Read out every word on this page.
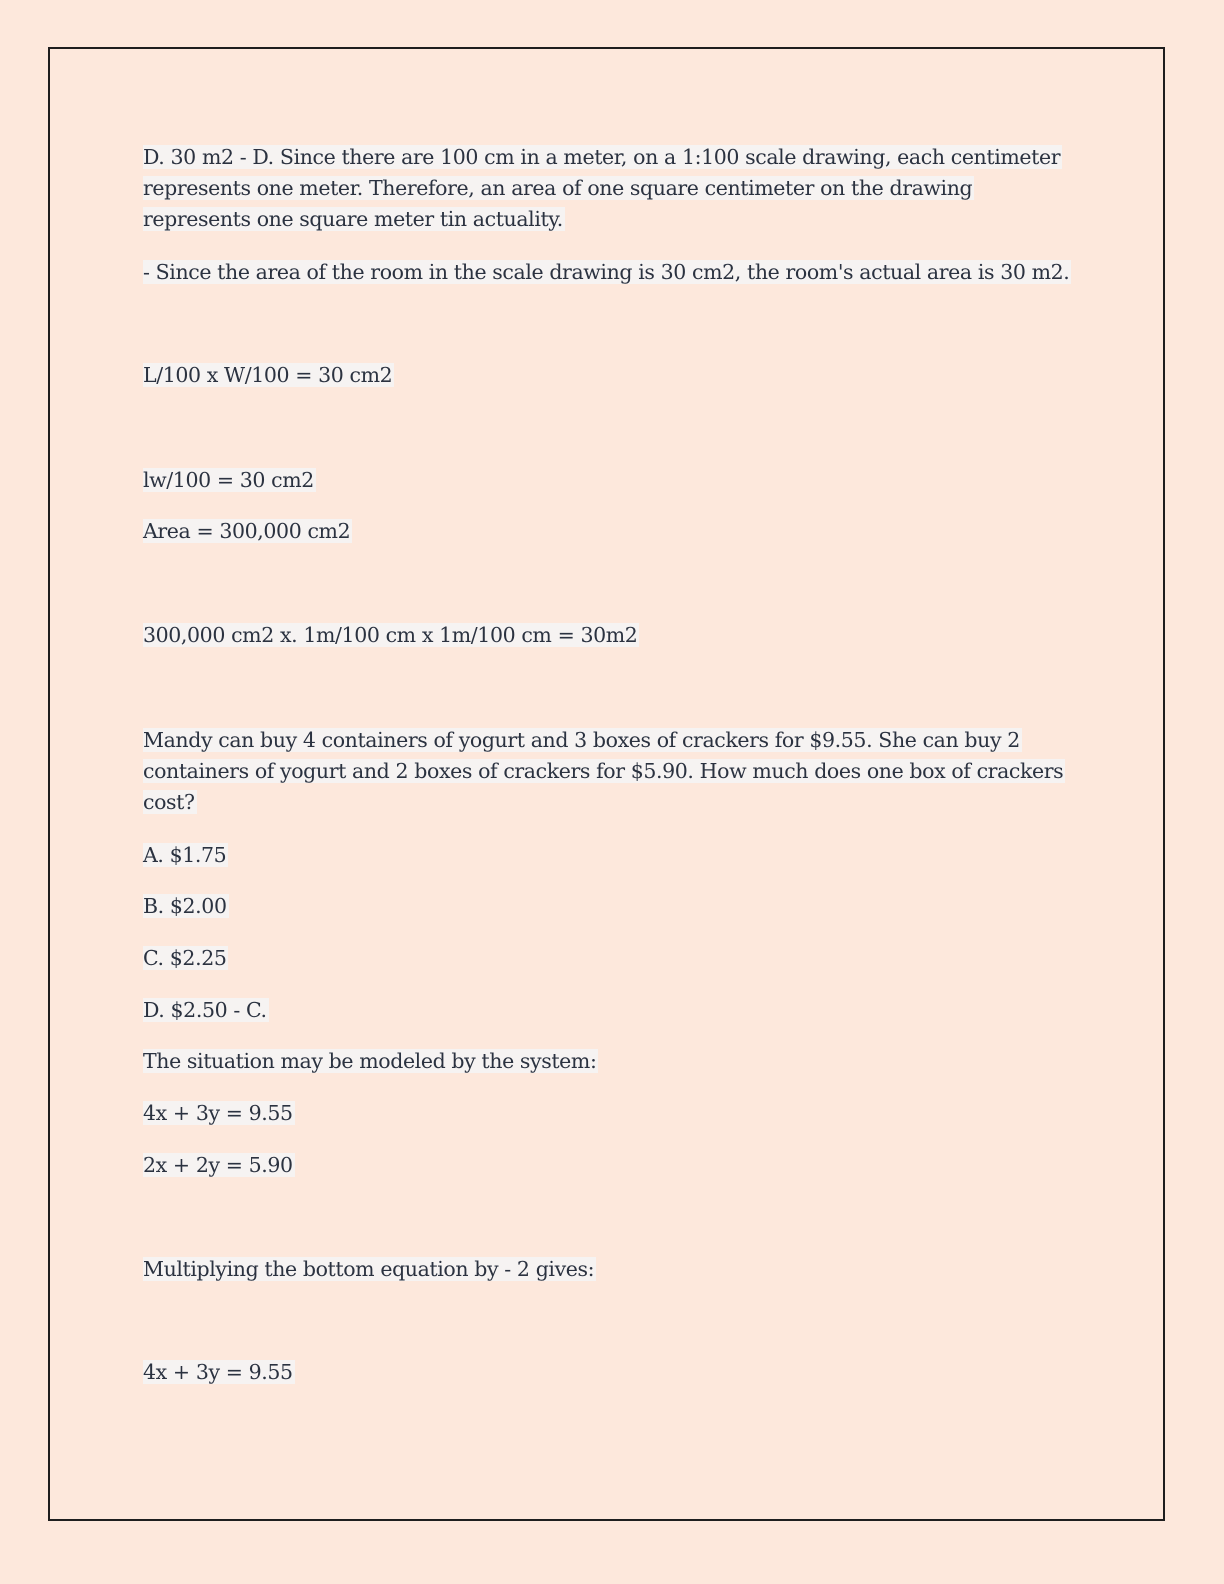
D. 30 m2 - D. Since there are 100 cm in a meter, on a 1:100 scale drawing, each centimeter
represents one meter. Therefore, an area of one square centimeter on the drawing
represents one square meter tin actuality.
- Since the area of the room in the scale drawing is 30 cm2, the room's actual area is 30 m2.
L/100 x W/100 = 30 cm2
lw/100 = 30 cm2
Area = 300,000 cm2
300,000 cm2 x. 1m/100 cm x 1m/100 cm = 30m2
Mandy can buy 4 containers of yogurt and 3 boxes of crackers for $9.55. She can buy 2
containers of yogurt and 2 boxes of crackers for $5.90. How much does one box of crackers
cost?
A. $1.75
B. $2.00
C. $2.25
D. $2.50 - C.
The situation may be modeled by the system:
4x + 3y = 9.55
2x + 2y = 5.90
Multiplying the bottom equation by - 2 gives:
4x + 3y = 9.55
